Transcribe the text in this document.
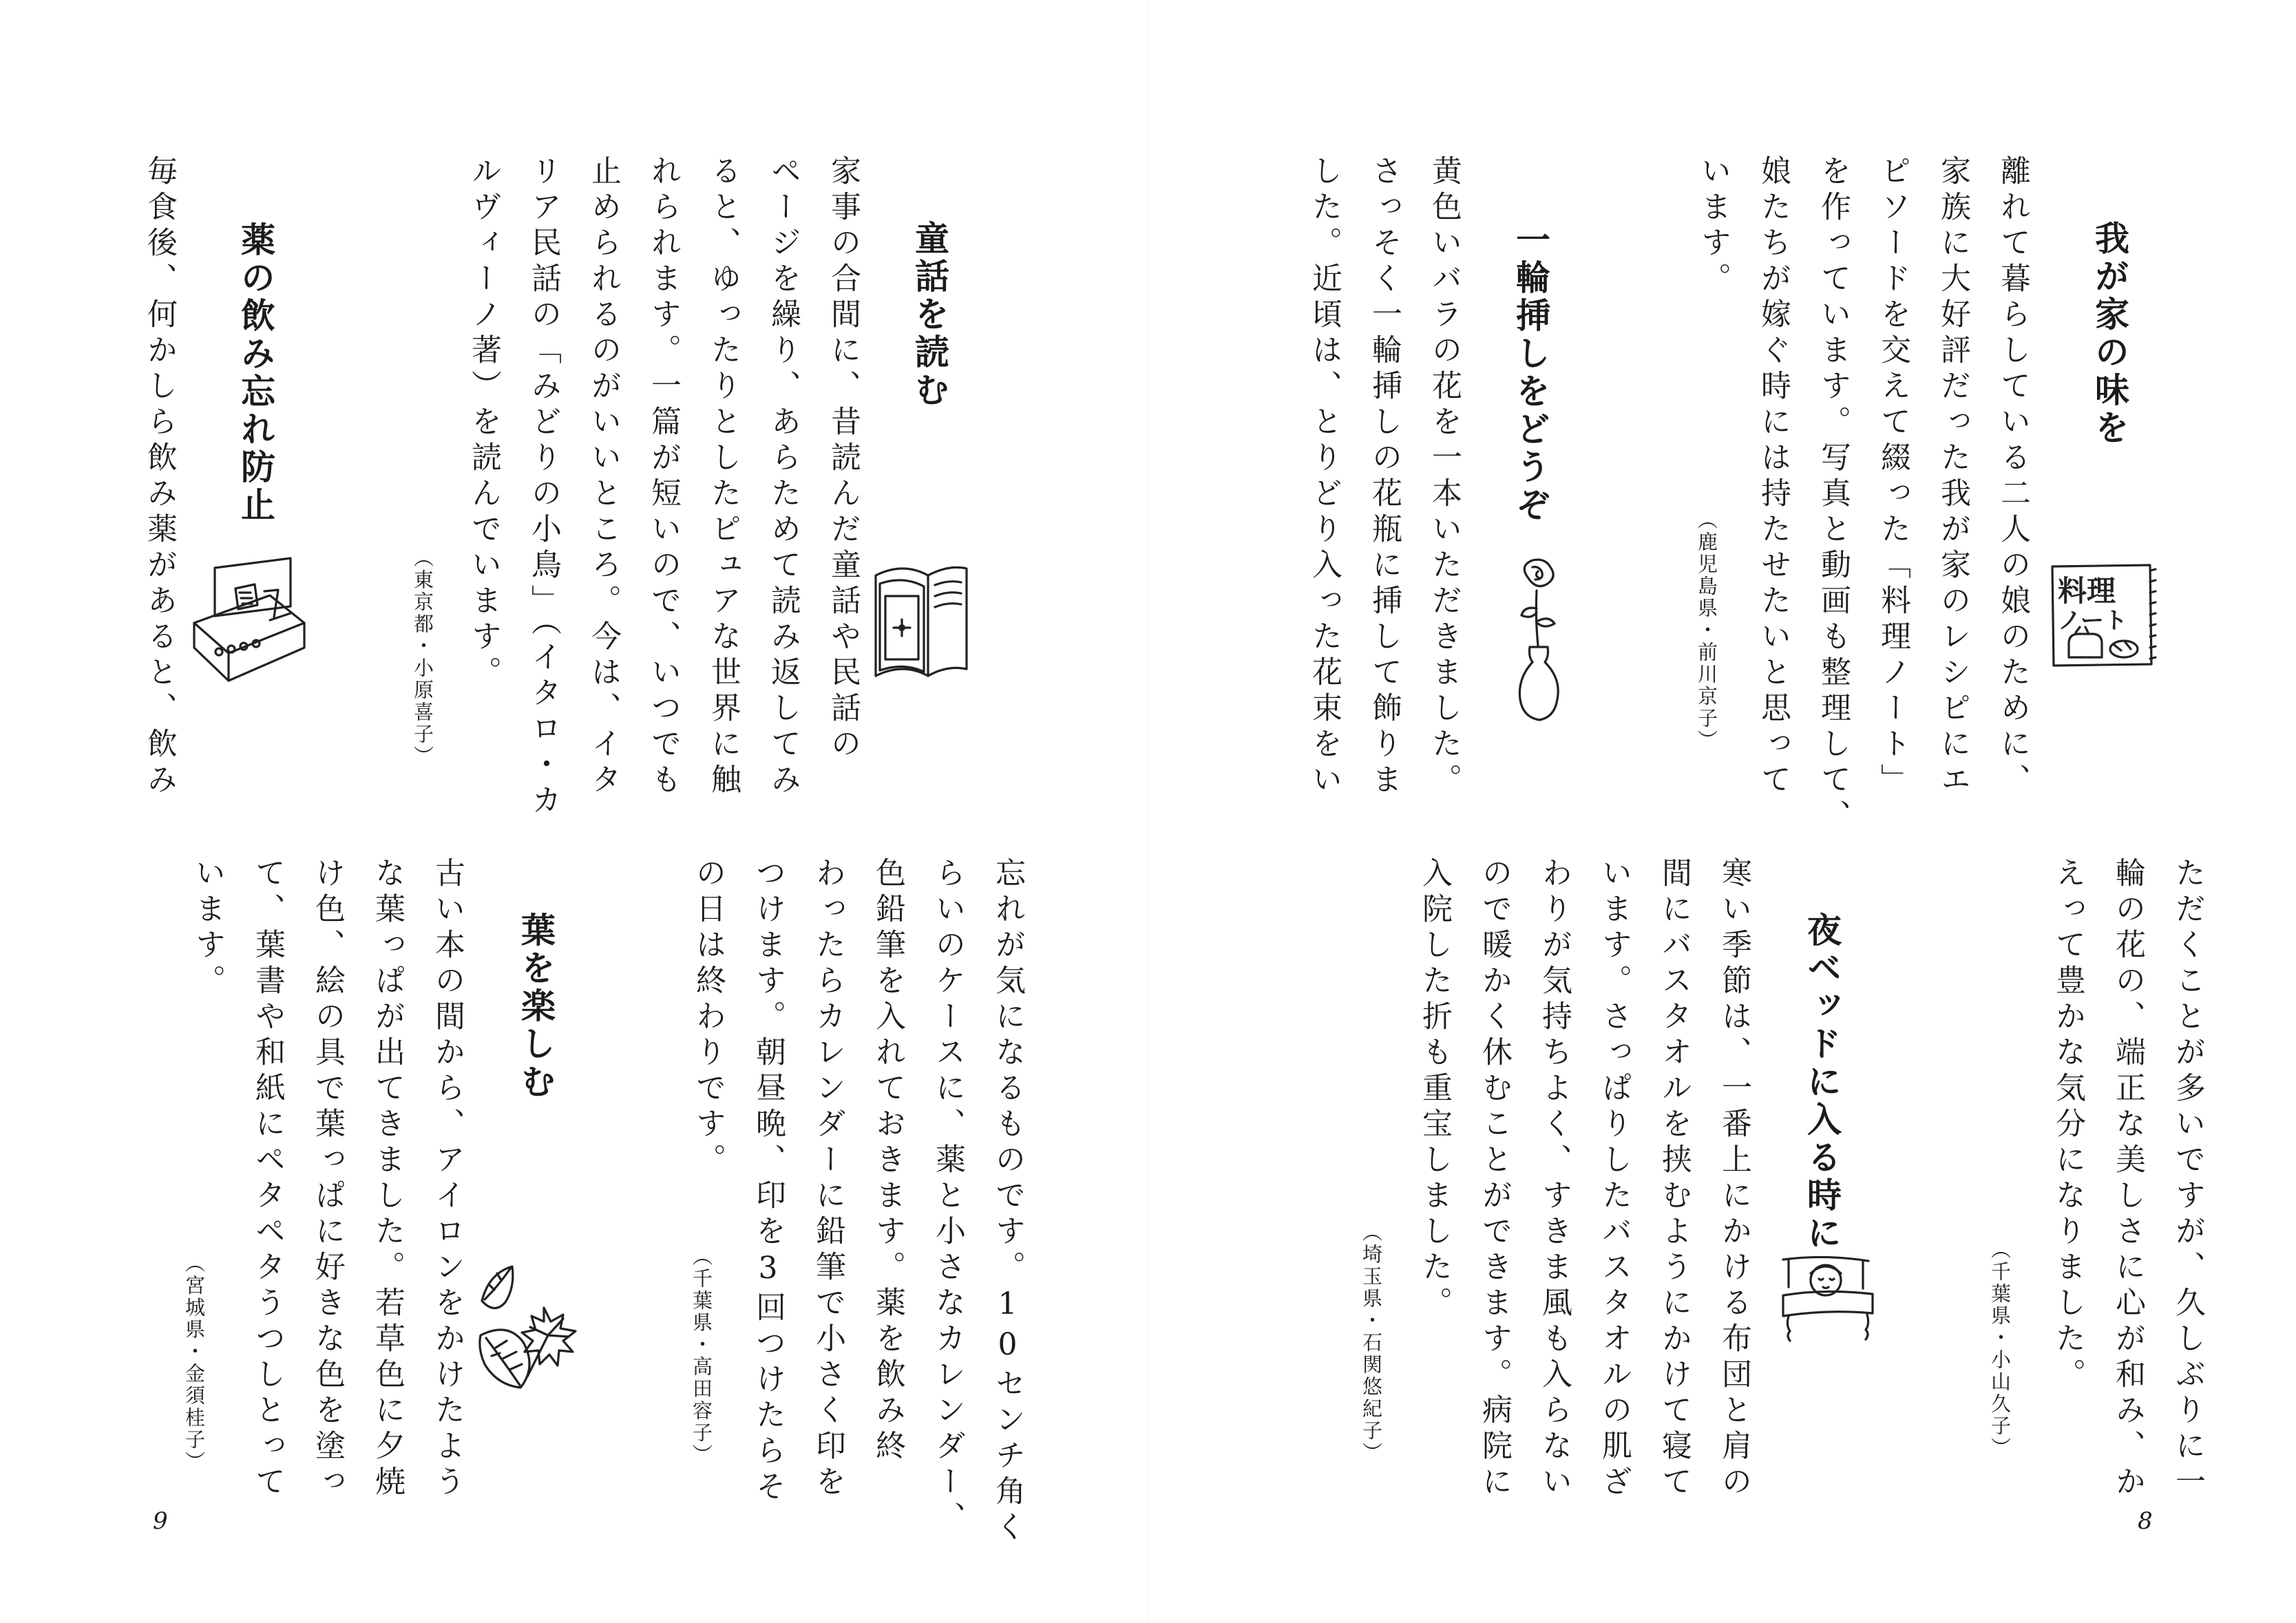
我が家の味を
離れて暮らしている二人の娘のために、
家族に大好評だった我が家のレシピにエ
ピソードを交えて綴った「料理ノート」
を作っています。写真と動画も整理して、
娘たちが嫁ぐ時には持たせたいと思って
います。
（鹿児島県・前川京子）	料理
ノート
一輪挿しをどうぞ
黄色いバラの花を一本いただきました。
さっそく一輪挿しの花瓶に挿して飾りま
した。近頃は、とりどり入った花束をい
ただくことが多いですが、久しぶりに一
輪の花の、端正な美しさに心が和み、か
えって豊かな気分になりました。
（千葉県・小山久子）
夜ベッドに入る時に
寒い季節は、一番上にかける布団と肩の
間にバスタオルを挟むようにかけて寝て
います。さっぱりしたバスタオルの肌ざ
わりが気持ちよく、すきま風も入らない
ので暖かく休むことができます。病院に
入院した折も重宝しました。
（埼玉県・石関悠紀子）
8
童話を読む
家事の合間に、昔読んだ童話や民話の
ページを繰り、あらためて読み返してみ
ると、ゆったりとしたピュアな世界に触
れられます。一篇が短いので、いつでも
止められるのがいいところ。今は、イタ
リア民話の「みどりの小鳥」（イタロ・カ
ルヴィーノ著）を読んでいます。
（東京都・小原喜子）
薬の飲み忘れ防止
毎食後、何かしら飲み薬があると、飲み
忘れが気になるものです。10センチ角く
らいのケースに、薬と小さなカレンダー、
色鉛筆を入れておきます。薬を飲み終
わったらカレンダーに鉛筆で小さく印を
つけます。朝昼晩、印を3回つけたらそ
の日は終わりです。
（千葉県・高田容子）
葉を楽しむ
古い本の間から、アイロンをかけたよう
な葉っぱが出てきました。若草色に夕焼
け色、絵の具で葉っぱに好きな色を塗っ
て、葉書や和紙にペタペタうつしとって
います。
（宮城県・金須桂子）
9
